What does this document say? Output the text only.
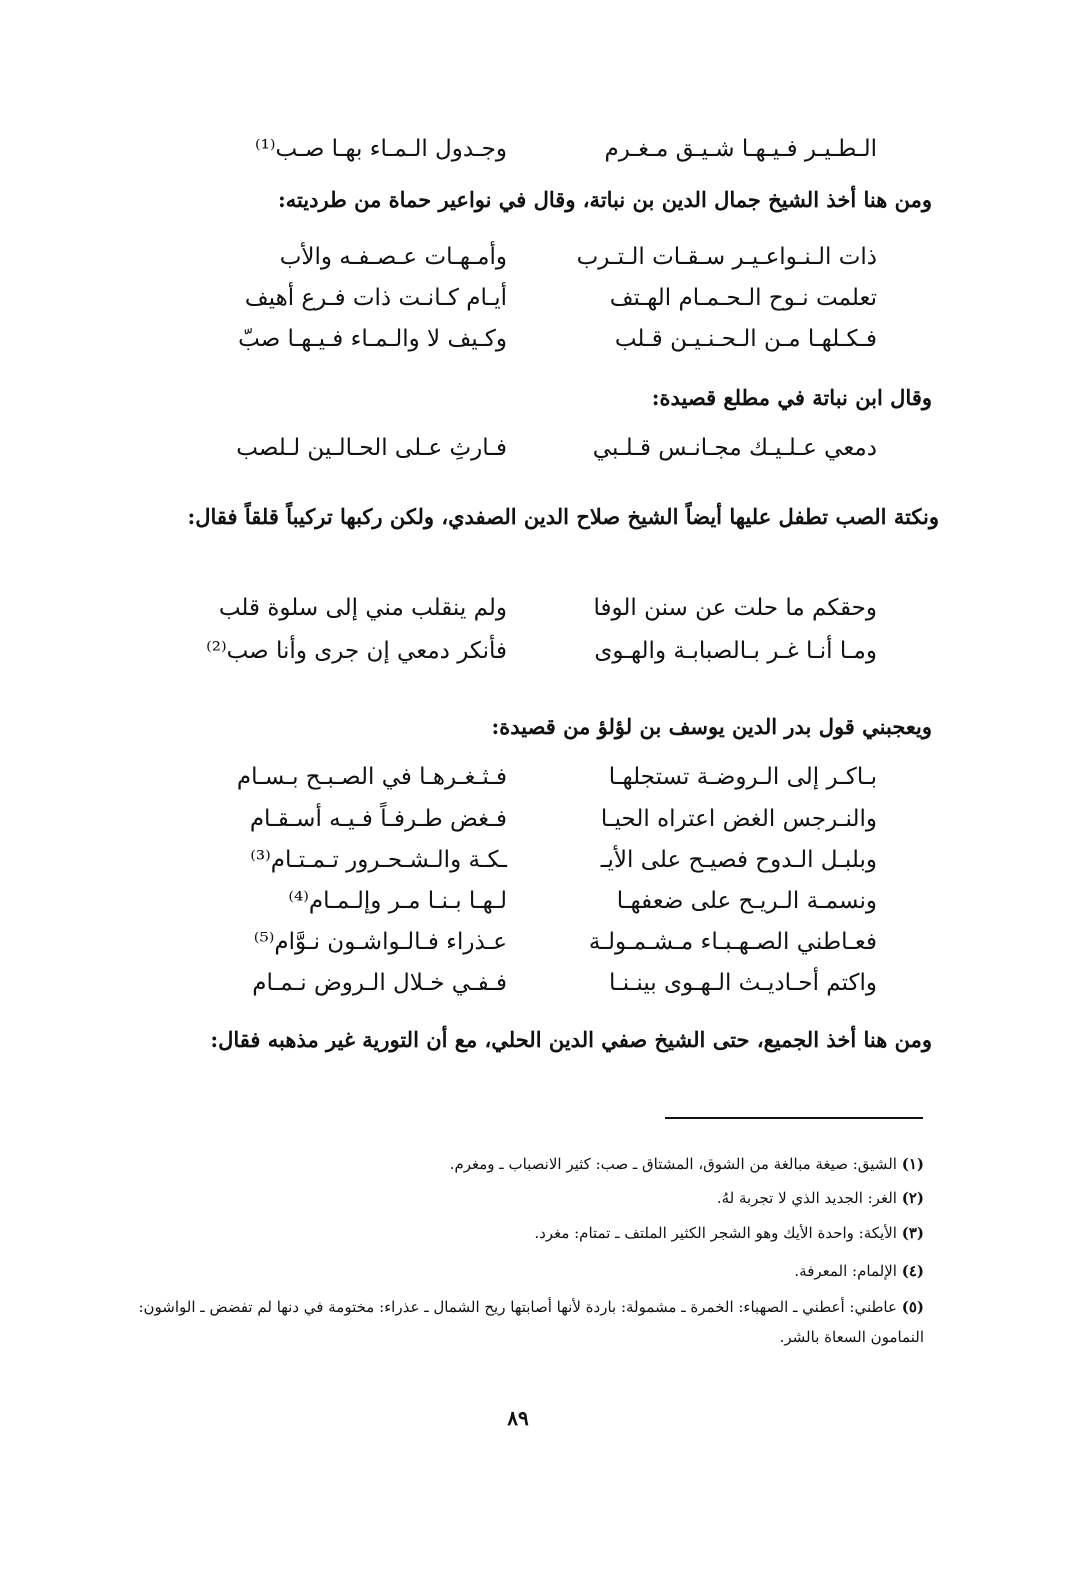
الـطـيـر فـيـهـا شـيـق مـغـرم
وجـدول الـمـاء بهـا صـب⁽¹⁾
ومن هنا أخذ الشيخ جمال الدين بن نباتة، وقال في نواعير حماة من طرديته:
ذات الـنـواعـيـر سـقـات الـتـرب
وأمـهـات عـصـفـه والأب
تعلمت نـوح الـحـمـام الهـتف
أيـام كـانـت ذات فـرع أهيف
فـكـلهـا مـن الـحـنـيـن قـلب
وكـيف لا والـمـاء فـيـهـا صبّ
وقال ابن نباتة في مطلع قصيدة:
دمعي عـلـيـك مجـانـس قـلـبي
فـارثِ عـلى الحـالـين لـلصب
ونكتة الصب تطفل عليها أيضاً الشيخ صلاح الدين الصفدي، ولكن ركبها تركيباً قلقاً فقال:
وحقكم ما حلت عن سنن الوفا
ولم ينقلب مني إلى سلوة قلب
ومـا أنـا غـر بـالصبابـة والهـوى
فأنكر دمعي إن جرى وأنا صب⁽²⁾
ويعجبني قول بدر الدين يوسف بن لؤلؤ من قصيدة:
بـاكـر إلى الـروضـة تستجلهـا
فـثـغـرهـا في الصـبـح بـسـام
والنـرجس الغض اعتراه الحيـا
فـغض طـرفـاً فـيـه أسـقـام
وبلبـل الـدوح فصيـح على الأيـ
ـكـة والـشـحـرور تـمـتـام⁽³⁾
ونسمـة الـريـح على ضعفهـا
لـهـا بـنـا مـر وإلـمـام⁽⁴⁾
فعـاطني الصـهـبـاء مـشـمـولـة
عـذراء فـالـواشـون نـوَّام⁽⁵⁾
واكتم أحـاديـث الـهـوى بينـنـا
فـفـي خـلال الـروض نـمـام
ومن هنا أخذ الجميع، حتى الشيخ صفي الدين الحلي، مع أن التورية غير مذهبه فقال:
(١) الشيق: صيغة مبالغة من الشوق، المشتاق ـ صب: كثير الانصباب ـ ومغرم.
(٢) الغر: الجديد الذي لا تجربة لهُ.
(٣) الأيكة: واحدة الأيك وهو الشجر الكثير الملتف ـ تمتام: مغرد.
(٤) الإلمام: المعرفة.
(٥) عاطني: أعطني ـ الصهباء: الخمرة ـ مشمولة: باردة لأنها أصابتها ريح الشمال ـ عذراء: مختومة في دنها لم تفضض ـ الواشون: النمامون السعاة بالشر.
٨٩
